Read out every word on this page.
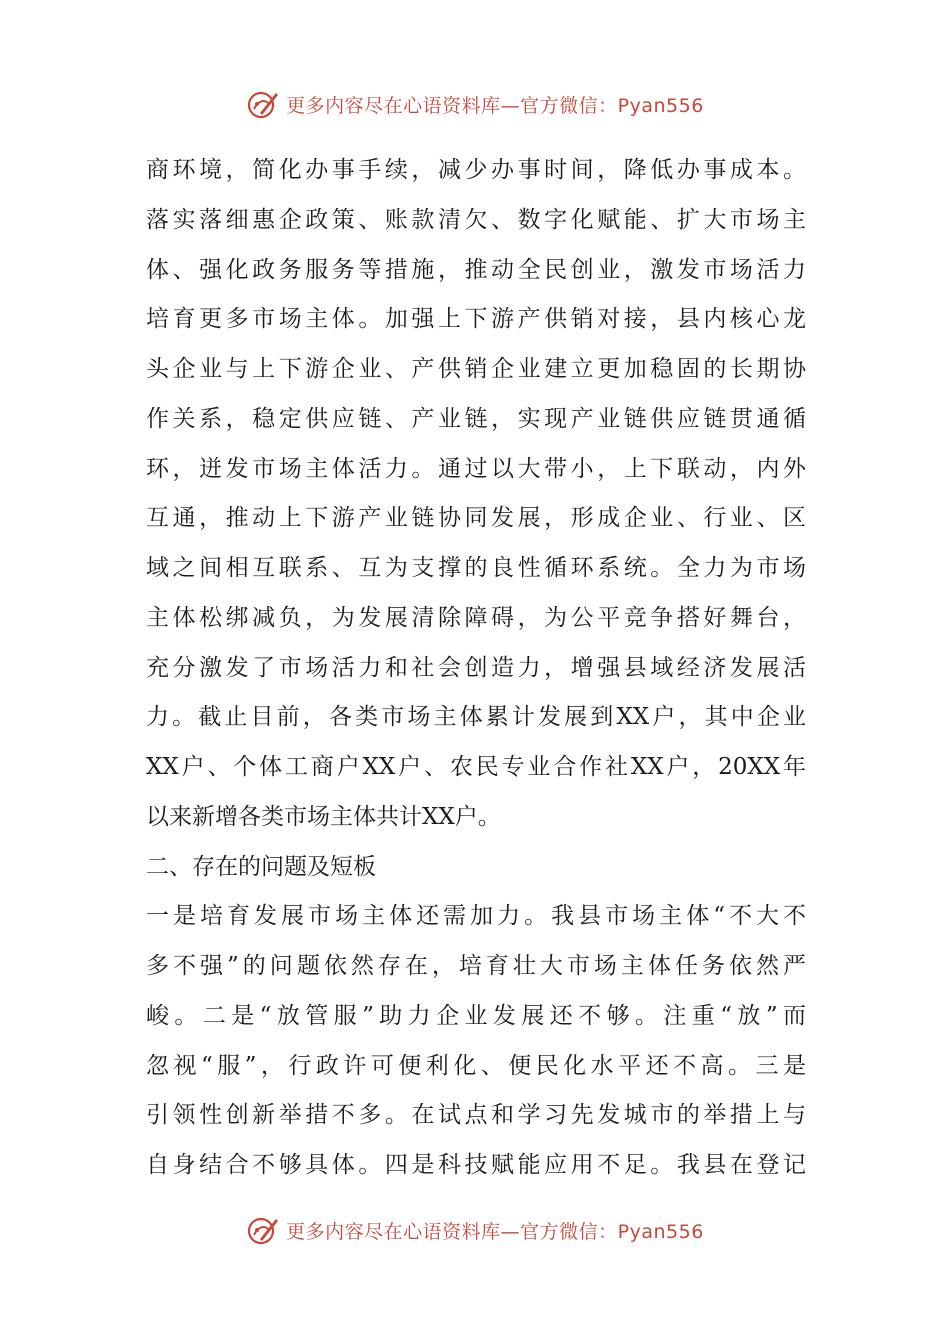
更多内容尽在心语资料库—官方微信：Pyan556
商环境，简化办事手续，减少办事时间，降低办事成本。
落实落细惠企政策、账款清欠、数字化赋能、扩大市场主
体、强化政务服务等措施，推动全民创业，激发市场活力
培育更多市场主体。加强上下游产供销对接，县内核心龙
头企业与上下游企业、产供销企业建立更加稳固的长期协
作关系，稳定供应链、产业链，实现产业链供应链贯通循
环，迸发市场主体活力。通过以大带小，上下联动，内外
互通，推动上下游产业链协同发展，形成企业、行业、区
域之间相互联系、互为支撑的良性循环系统。全力为市场
主体松绑减负，为发展清除障碍，为公平竞争搭好舞台，
充分激发了市场活力和社会创造力，增强县域经济发展活
力。截止目前，各类市场主体累计发展到XX户，其中企业
XX户、个体工商户XX户、农民专业合作社XX户，20XX年
以来新增各类市场主体共计XX户。
二、存在的问题及短板
一是培育发展市场主体还需加力。我县市场主体“不大不
多不强”的问题依然存在，培育壮大市场主体任务依然严
峻。二是“放管服”助力企业发展还不够。注重“放”而
忽视“服”，行政许可便利化、便民化水平还不高。三是
引领性创新举措不多。在试点和学习先发城市的举措上与
自身结合不够具体。四是科技赋能应用不足。我县在登记
更多内容尽在心语资料库—官方微信：Pyan556
